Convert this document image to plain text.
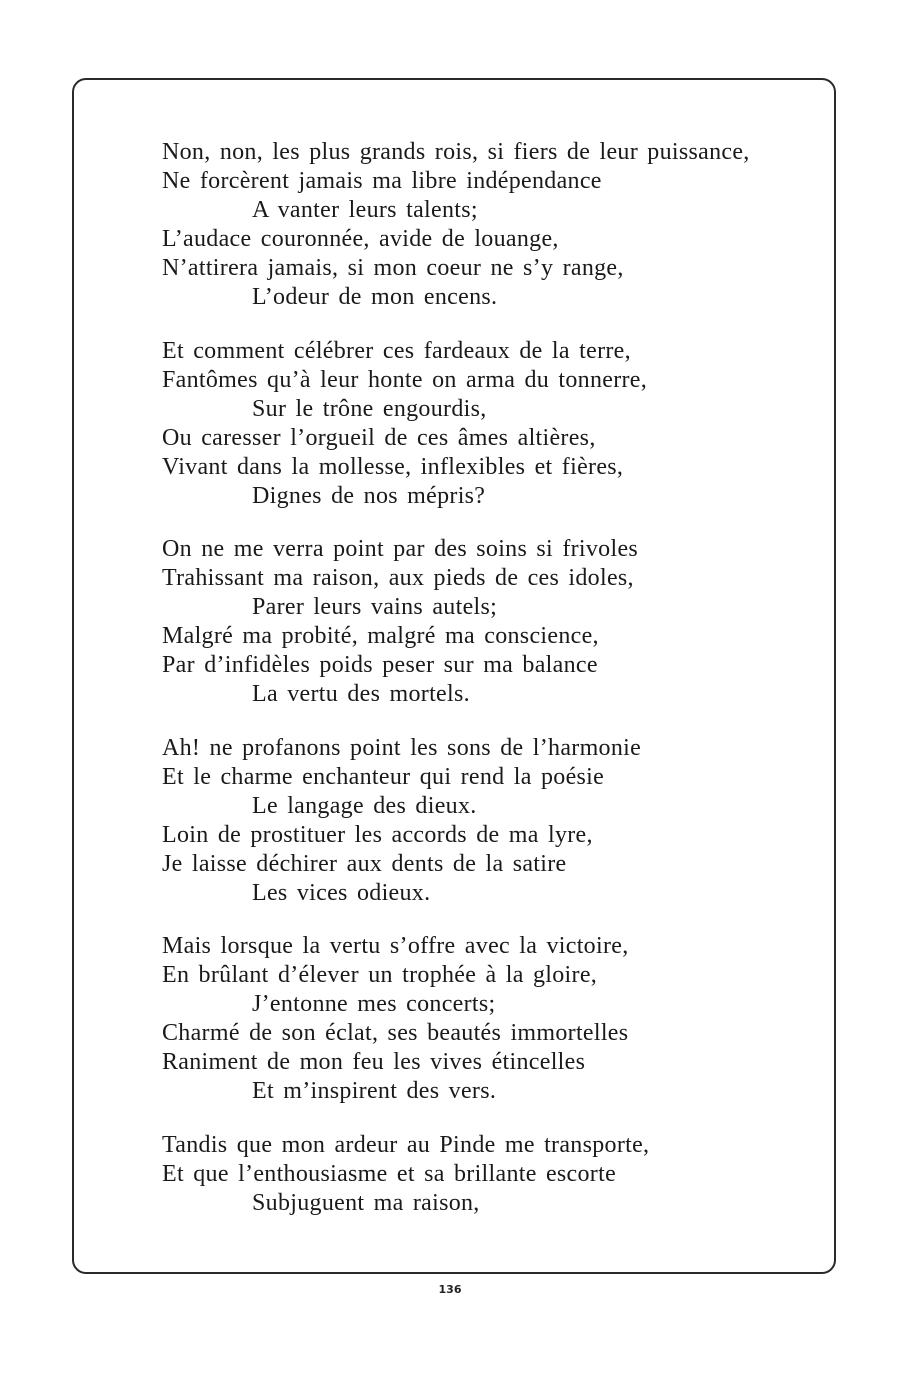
Non, non, les plus grands rois, si fiers de leur puissance,
Ne forcèrent jamais ma libre indépendance
A vanter leurs talents;
L’audace couronnée, avide de louange,
N’attirera jamais, si mon coeur ne s’y range,
L’odeur de mon encens.
Et comment célébrer ces fardeaux de la terre,
Fantômes qu’à leur honte on arma du tonnerre,
Sur le trône engourdis,
Ou caresser l’orgueil de ces âmes altières,
Vivant dans la mollesse, inflexibles et fières,
Dignes de nos mépris?
On ne me verra point par des soins si frivoles
Trahissant ma raison, aux pieds de ces idoles,
Parer leurs vains autels;
Malgré ma probité, malgré ma conscience,
Par d’infidèles poids peser sur ma balance
La vertu des mortels.
Ah! ne profanons point les sons de l’harmonie
Et le charme enchanteur qui rend la poésie
Le langage des dieux.
Loin de prostituer les accords de ma lyre,
Je laisse déchirer aux dents de la satire
Les vices odieux.
Mais lorsque la vertu s’offre avec la victoire,
En brûlant d’élever un trophée à la gloire,
J’entonne mes concerts;
Charmé de son éclat, ses beautés immortelles
Raniment de mon feu les vives étincelles
Et m’inspirent des vers.
Tandis que mon ardeur au Pinde me transporte,
Et que l’enthousiasme et sa brillante escorte
Subjuguent ma raison,
136
